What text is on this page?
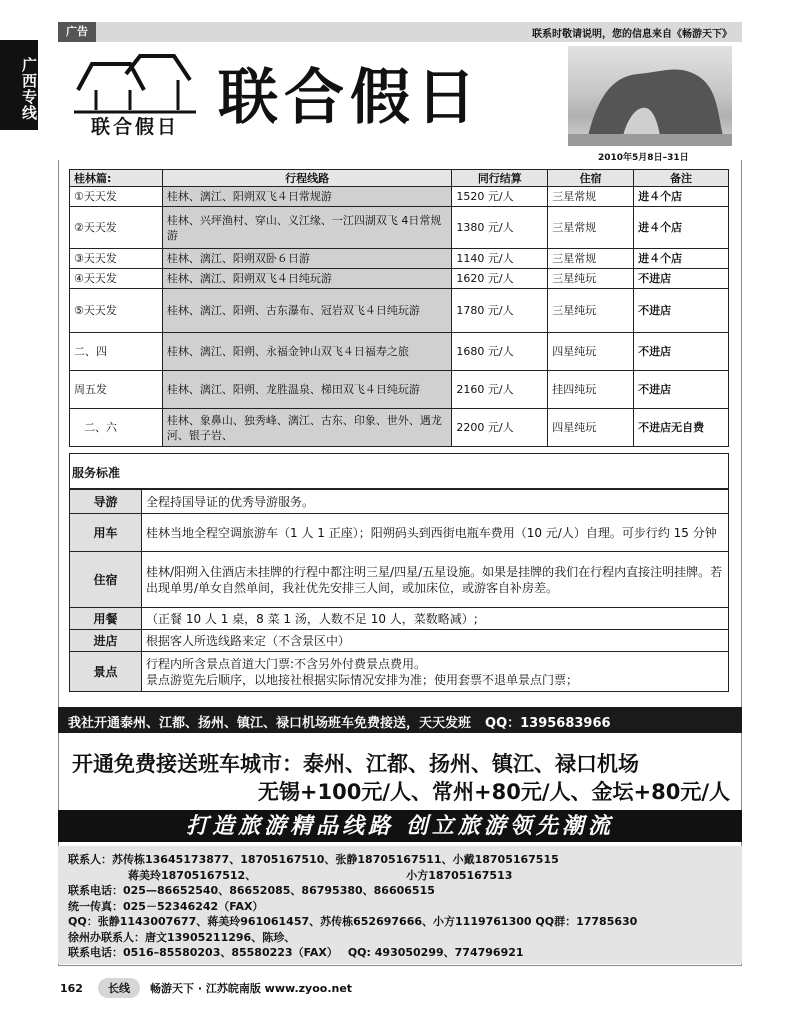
广西专线
广告	联系时敬请说明，您的信息来自《畅游天下》
联合假日 联合假日
2010年5月8日–31日
桂林篇:	行程线路	同行结算	住宿	备注
①天天发	桂林、漓江、阳朔双飞４日常规游	1520 元/人	三星常规	进４个店
②天天发	桂林、兴坪渔村、穿山、义江缘、一江四湖双飞 4日常规游	1380 元/人	三星常规	进４个店
③天天发	桂林、漓江、阳朔双卧６日游	1140 元/人	三星常规	进４个店
④天天发	桂林、漓江、阳朔双飞４日纯玩游	1620 元/人	三星纯玩	不进店
⑤天天发	桂林、漓江、阳朔、古东瀑布、冠岩双飞４日纯玩游	1780 元/人	三星纯玩	不进店
二、四	桂林、漓江、阳朔、永福金钟山双飞４日福寿之旅	1680 元/人	四星纯玩	不进店
周五发	桂林、漓江、阳朔、龙胜温泉、梯田双飞４日纯玩游	2160 元/人	挂四纯玩	不进店
二、六	桂林、象鼻山、独秀峰、漓江、古东、印象、世外、遇龙河、银子岩、	2200 元/人	四星纯玩	不进店无自费
服务标准
导游	全程持国导证的优秀导游服务。
用车	桂林当地全程空调旅游车（1 人 1 正座）；阳朔码头到西街电瓶车费用（10 元/人）自理。可步行约 15 分钟
住宿	桂林/阳朔入住酒店未挂牌的行程中都注明三星/四星/五星设施。如果是挂牌的我们在行程内直接注明挂牌。若出现单男/单女自然单间，我社优先安排三人间，或加床位，或游客自补房差。
用餐	（正餐 10 人 1 桌，8 菜 1 汤，人数不足 10 人，菜数略减）;
进店	根据客人所选线路来定（不含景区中）
景点	行程内所含景点首道大门票:不含另外付费景点费用。
景点游览先后顺序，以地接社根据实际情况安排为准；使用套票不退单景点门票；
我社开通泰州、江都、扬州、镇江、禄口机场班车免费接送，天天发班 QQ：1395683966
开通免费接送班车城市：泰州、江都、扬州、镇江、禄口机场
无锡+100元/人、常州+80元/人、金坛+80元/人
打造旅游精品线路 创立旅游领先潮流
联系人：苏传栋13645173877、18705167510、张静18705167511、小戴18705167515
蒋美玲18705167512、	小方18705167513
联系电话：025—86652540、86652085、86795380、86606515
统一传真：025－52346242（FAX）
QQ：张静1143007677、蒋美玲961061457、苏传栋652697666、小方1119761300 QQ群：17785630
徐州办联系人：唐文13905211296、陈珍、
联系电话：0516–85580203、85580223（FAX） QQ: 493050299、774796921
162	长线	畅游天下 · 江苏皖南版 www.zyoo.net
